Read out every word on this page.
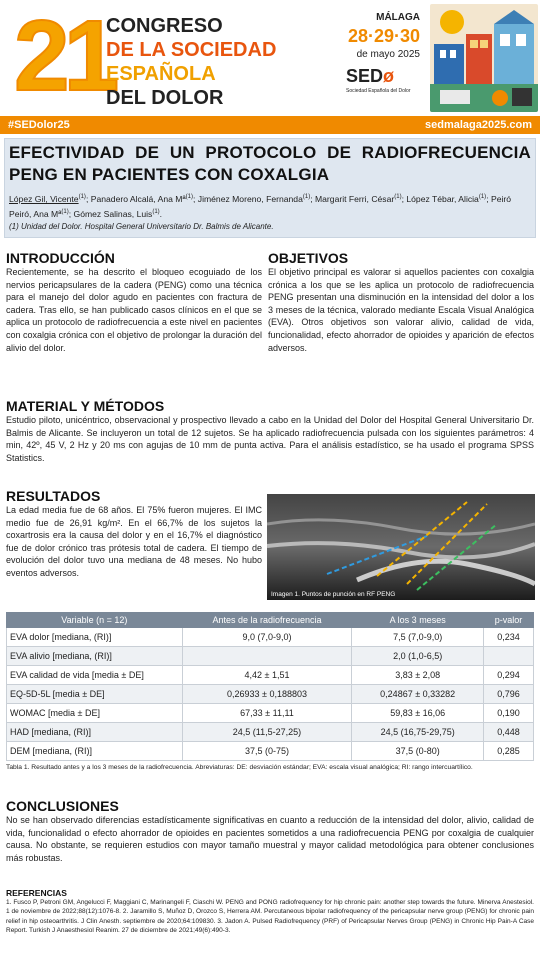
21
CONGRESO
DE LA SOCIEDAD
ESPAÑOLA
DEL DOLOR
MÁLAGA
28·29·30
de mayo 2025
SEDø
Sociedad Española del Dolor
#SEDolor25	sedmalaga2025.com
EFECTIVIDAD DE UN PROTOCOLO DE RADIOFRECUENCIA PENG EN PACIENTES CON COXALGIA
López Gil, Vicente$^{(1)}$; Panadero Alcalá, Ana Mª$^{(1)}$; Jiménez Moreno, Fernanda$^{(1)}$; Margarit Ferri, César$^{(1)}$; López Tébar, Alicia$^{(1)}$; Peiró Peiró, Ana Mª$^{(1)}$; Gómez Salinas, Luis$^{(1)}$.
(1) Unidad del Dolor. Hospital General Universitario Dr. Balmis de Alicante.
INTRODUCCIÓN

Recientemente, se ha descrito el bloqueo ecoguiado de los nervios pericapsulares de la cadera (PENG) como una técnica para el manejo del dolor agudo en pacientes con fractura de cadera. Tras ello, se han publicado casos clínicos en el que se aplica un protocolo de radiofrecuencia a este nivel en pacientes con coxalgia crónica con el objetivo de prolongar la duración del alivio del dolor.

OBJETIVOS

El objetivo principal es valorar si aquellos pacientes con coxalgia crónica a los que se les aplica un protocolo de radiofrecuencia PENG presentan una disminución en la intensidad del dolor a los 3 meses de la técnica, valorado mediante Escala Visual Analógica (EVA). Otros objetivos son valorar alivio, calidad de vida, funcionalidad, efecto ahorrador de opioides y aparición de efectos adversos.

MATERIAL Y MÉTODOS

Estudio piloto, unicéntrico, observacional y prospectivo llevado a cabo en la Unidad del Dolor del Hospital General Universitario Dr. Balmis de Alicante. Se incluyeron un total de 12 sujetos. Se ha aplicado radiofrecuencia pulsada con los siguientes parámetros: 4 min, 42º, 45 V, 2 Hz y 20 ms con agujas de 10 mm de punta activa. Para el análisis estadístico, se ha usado el programa SPSS Statistics.

RESULTADOS

La edad media fue de 68 años. El 75% fueron mujeres. El IMC medio fue de 26,91 kg/m². En el 66,7% de los sujetos la coxartrosis era la causa del dolor y en el 16,7% el diagnóstico fue de dolor crónico tras prótesis total de cadera. El tiempo de evolución del dolor tuvo una mediana de 48 meses. No hubo eventos adversos.

Imagen 1. Puntos de punción en RF PENG
Variable (n = 12)	Antes de la radiofrecuencia	A los 3 meses	p-valor
EVA dolor [mediana, (RI)]	9,0 (7,0-9,0)	7,5 (7,0-9,0)	0,234
EVA alivio [mediana, (RI)]		2,0 (1,0-6,5)	
EVA calidad de vida [media ± DE]	4,42 ± 1,51	3,83 ± 2,08	0,294
EQ-5D-5L [media ± DE]	0,26933 ± 0,188803	0,24867 ± 0,33282	0,796
WOMAC [media ± DE]	67,33 ± 11,11	59,83 ± 16,06	0,190
HAD [mediana, (RI)]	24,5 (11,5-27,25)	24,5 (16,75-29,75)	0,448
DEM [mediana, (RI)]	37,5 (0-75)	37,5 (0-80)	0,285
Tabla 1. Resultado antes y a los 3 meses de la radiofrecuencia. Abreviaturas: DE: desviación estándar; EVA: escala visual analógica; RI: rango intercuartílico.
CONCLUSIONES

No se han observado diferencias estadísticamente significativas en cuanto a reducción de la intensidad del dolor, alivio, calidad de vida, funcionalidad o efecto ahorrador de opioides en pacientes sometidos a una radiofrecuencia PENG por coxalgia de cualquier causa. No obstante, se requieren estudios con mayor tamaño muestral y mayor calidad metodológica para obtener conclusiones más robustas.

REFERENCIAS

1. Fusco P, Petroni GM, Angelucci F, Maggiani C, Marinangeli F, Ciaschi W. PENG and PONG radiofrequency for hip chronic pain: another step towards the future. Minerva Anestesiol. 1 de noviembre de 2022;88(12):1076-8. 2. Jaramillo S, Muñoz D, Orozco S, Herrera AM. Percutaneous bipolar radiofrequency of the pericapsular nerve group (PENG) for chronic pain relief in hip osteoarthritis. J Clin Anesth. septiembre de 2020;64:109830. 3. Jadon A. Pulsed Radiofrequency (PRF) of Pericapsular Nerves Group (PENG) in Chronic Hip Pain-A Case Report. Turkish J Anaesthesiol Reanim. 27 de diciembre de 2021;49(6):490-3.
